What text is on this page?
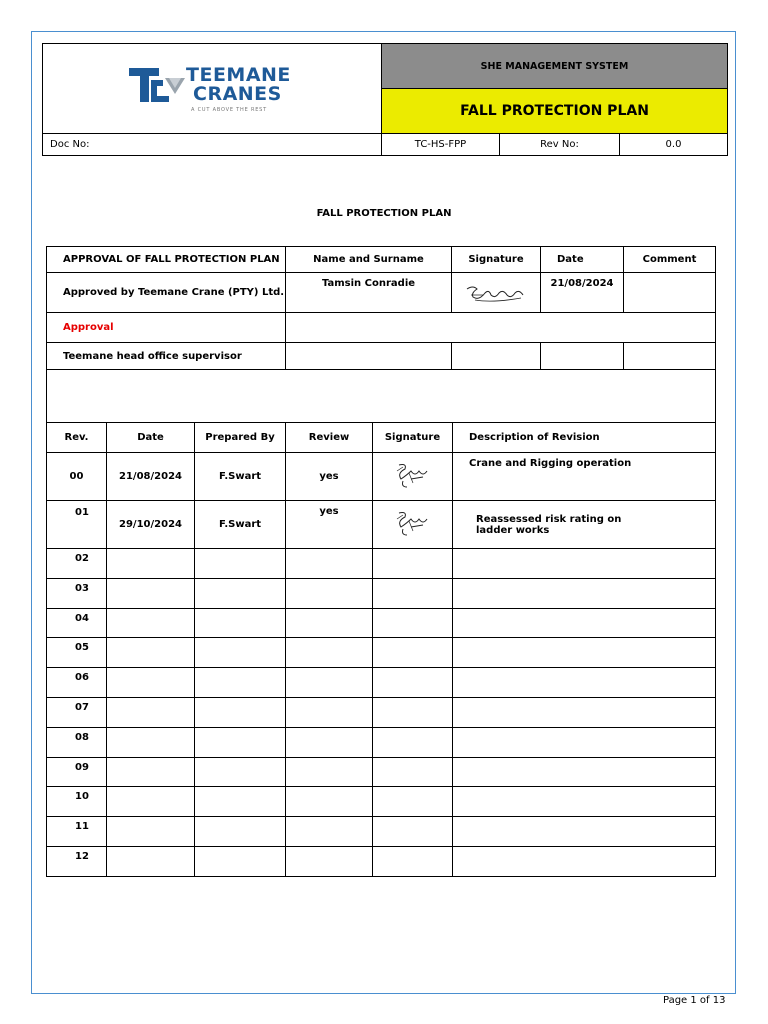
TEEMANE
CRANES
A CUT ABOVE THE REST	SHE MANAGEMENT SYSTEM		
	FALL PROTECTION PLAN		
Doc No:	TC-HS-FPP	Rev No:	0.0
FALL PROTECTION PLAN
APPROVAL OF FALL PROTECTION PLAN	Name and Surname	Signature	Date	Comment
Approved by Teemane Crane (PTY) Ltd.	Tamsin Conradie		21/08/2024	
Approval				
Teemane head office supervisor				

Rev.	Date	Prepared By	Review	Signature	Description of Revision
00	21/08/2024	F.Swart	yes		Crane and Rigging operation
01	29/10/2024	F.Swart	yes		Reassessed risk rating on
ladder works

02					
03					
04					
05					
06					
07					
08					
09					
10					
11					
12					
Page 1 of 13
